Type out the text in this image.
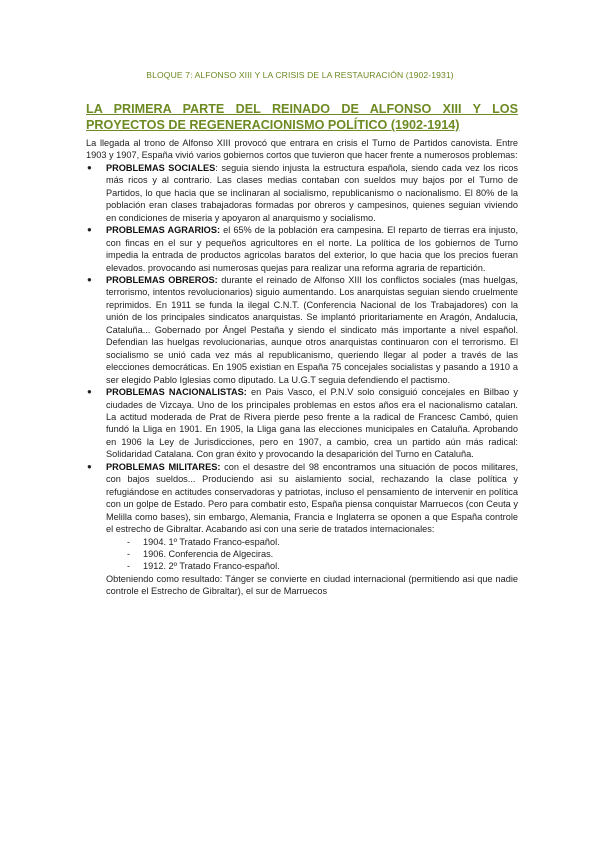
BLOQUE 7: ALFONSO XIII Y LA CRISIS DE LA RESTAURACIÓN (1902-1931)
LA PRIMERA PARTE DEL REINADO DE ALFONSO XIII Y LOS PROYECTOS DE REGENERACIONISMO POLÍTICO (1902-1914)

La llegada al trono de Alfonso XIII provocó que entrara en crisis el Turno de Partidos canovista. Entre 1903 y 1907, España vivió varios gobiernos cortos que tuvieron que hacer frente a numerosos problemas:

● PROBLEMAS SOCIALES: seguia siendo injusta la estructura española, siendo cada vez los ricos más ricos y al contrario. Las clases medias contaban con sueldos muy bajos por el Turno de Partidos, lo que hacia que se inclinaran al socialismo, republicanismo o nacionalismo. El 80% de la población eran clases trabajadoras formadas por obreros y campesinos, quienes seguian viviendo en condiciones de miseria y apoyaron al anarquismo y socialismo.
● PROBLEMAS AGRARIOS: el 65% de la población era campesina. El reparto de tierras era injusto, con fincas en el sur y pequeños agricultores en el norte. La política de los gobiernos de Turno impedia la entrada de productos agricolas baratos del exterior, lo que hacia que los precios fueran elevados. provocando asi numerosas quejas para realizar una reforma agraria de repartición.
● PROBLEMAS OBREROS: durante el reinado de Alfonso XIII los conflictos sociales (mas huelgas, terrorismo, intentos revolucionarios) siguio aumentando. Los anarquistas seguian siendo cruelmente reprimidos. En 1911 se funda la ilegal C.N.T. (Conferencia Nacional de los Trabajadores) con la unión de los principales sindicatos anarquistas. Se implantó prioritariamente en Aragón, Andalucia, Cataluña... Gobernado por Ángel Pestaña y siendo el sindicato más importante a nivel español. Defendian las huelgas revolucionarias, aunque otros anarquistas continuaron con el terrorismo. El socialismo se unió cada vez más al republicanismo, queriendo llegar al poder a través de las elecciones democráticas. En 1905 existian en España 75 concejales socialistas y pasando a 1910 a ser elegido Pablo Iglesias como diputado. La U.G.T seguia defendiendo el pactismo.
● PROBLEMAS NACIONALISTAS: en Pais Vasco, el P.N.V solo consiguió concejales en Bilbao y ciudades de Vizcaya. Uno de los principales problemas en estos años era el nacionalismo catalan. La actitud moderada de Prat de Rivera pierde peso frente a la radical de Francesc Cambó, quien fundó la Lliga en 1901. En 1905, la Lliga gana las elecciones municipales en Cataluña. Aprobando en 1906 la Ley de Jurisdicciones, pero en 1907, a cambio, crea un partido aún más radical: Solidaridad Catalana. Con gran éxito y provocando la desaparición del Turno en Cataluña.
● PROBLEMAS MILITARES: con el desastre del 98 encontramos una situación de pocos militares, con bajos sueldos... Produciendo asi su aislamiento social, rechazando la clase política y refugiándose en actitudes conservadoras y patriotas, incluso el pensamiento de intervenir en política con un golpe de Estado. Pero para combatir esto, España piensa conquistar Marruecos (con Ceuta y Melilla como bases), sin embargo, Alemania, Francia e Inglaterra se oponen a que España controle el estrecho de Gibraltar. Acabando asi con una serie de tratados internacionales:
- 1904. 1º Tratado Franco-español.
- 1906. Conferencia de Algeciras.
- 1912. 2º Tratado Franco-español.

Obteniendo como resultado: Tánger se convierte en ciudad internacional (permitiendo asi que nadie controle el Estrecho de Gibraltar), el sur de Marruecos
